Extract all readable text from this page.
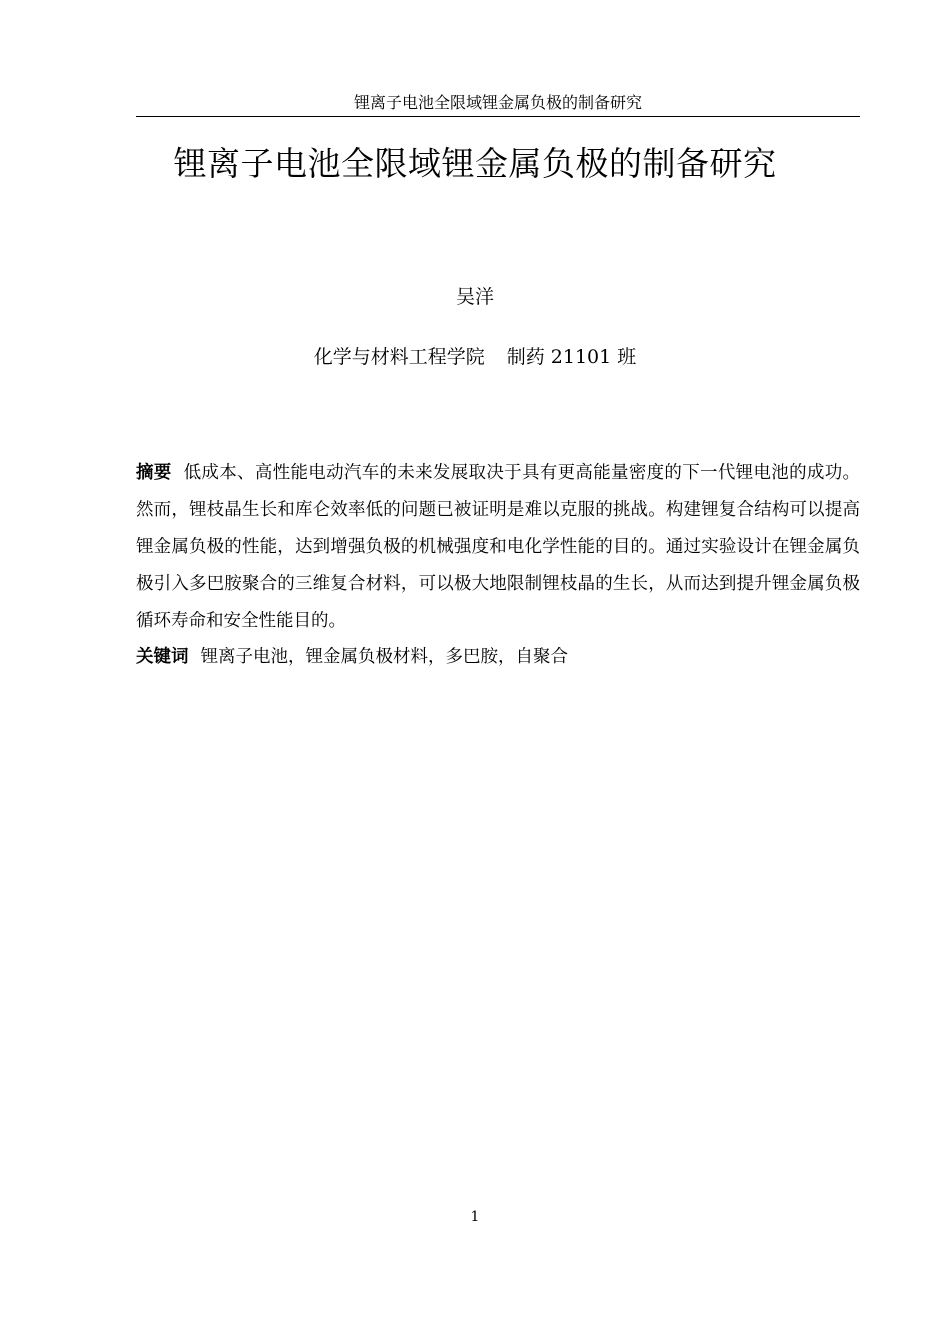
锂离子电池全限域锂金属负极的制备研究
锂离子电池全限域锂金属负极的制备研究
吴洋
化学与材料工程学院 制药 21101 班
摘要 低成本、高性能电动汽车的未来发展取决于具有更高能量密度的下一代锂电池的成功。然而，锂枝晶生长和库仑效率低的问题已被证明是难以克服的挑战。构建锂复合结构可以提高锂金属负极的性能，达到增强负极的机械强度和电化学性能的目的。通过实验设计在锂金属负极引入多巴胺聚合的三维复合材料，可以极大地限制锂枝晶的生长，从而达到提升锂金属负极循环寿命和安全性能目的。
关键词 锂离子电池，锂金属负极材料，多巴胺，自聚合
1
